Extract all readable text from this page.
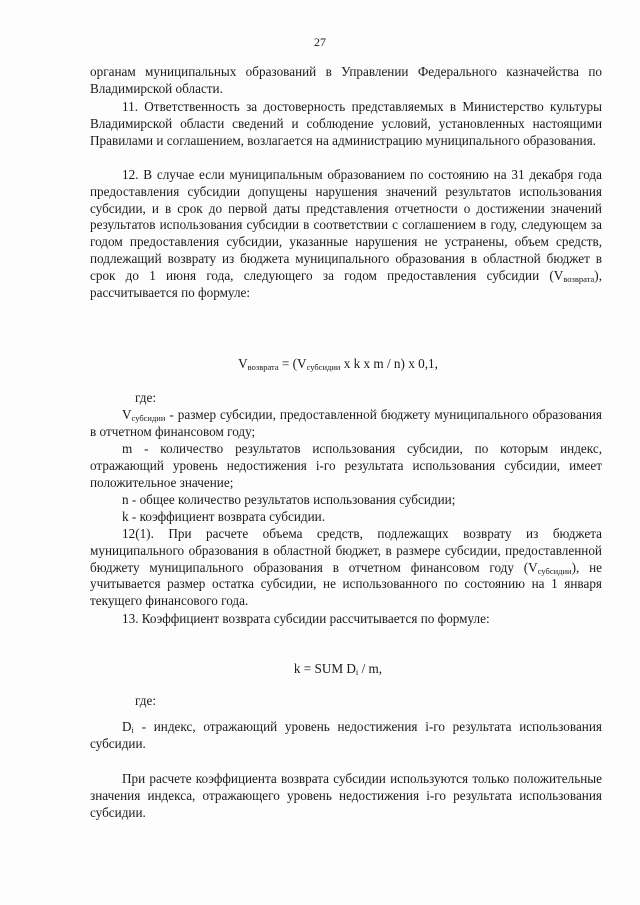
27
органам муниципальных образований в Управлении Федерального казначейства по Владимирской области.
11. Ответственность за достоверность представляемых в Министерство культуры Владимирской области сведений и соблюдение условий, установленных настоящими Правилами и соглашением, возлагается на администрацию муниципального образования.
12. В случае если муниципальным образованием по состоянию на 31 декабря года предоставления субсидии допущены нарушения значений результатов использования субсидии, и в срок до первой даты представления отчетности о достижении значений результатов использования субсидии в соответствии с соглашением в году, следующем за годом предоставления субсидии, указанные нарушения не устранены, объем средств, подлежащий возврату из бюджета муниципального образования в областной бюджет в срок до 1 июня года, следующего за годом предоставления субсидии $(V_{возврата})$, рассчитывается по формуле:
$V_{возврата} = (V_{субсидии}$ x k x m / n) x 0,1,
где:
$V_{субсидии}$ - размер субсидии, предоставленной бюджету муниципального образования в отчетном финансовом году;
m - количество результатов использования субсидии, по которым индекс, отражающий уровень недостижения i-го результата использования субсидии, имеет положительное значение;
n - общее количество результатов использования субсидии;
k - коэффициент возврата субсидии.
12(1). При расчете объема средств, подлежащих возврату из бюджета муниципального образования в областной бюджет, в размере субсидии, предоставленной бюджету муниципального образования в отчетном финансовом году $(V_{субсидии})$, не учитывается размер остатка субсидии, не использованного по состоянию на 1 января текущего финансового года.
13. Коэффициент возврата субсидии рассчитывается по формуле:
k = SUM $D_i$ / m,
где:
$D_i$ - индекс, отражающий уровень недостижения i-го результата использования субсидии.
При расчете коэффициента возврата субсидии используются только положительные значения индекса, отражающего уровень недостижения i-го результата использования субсидии.
